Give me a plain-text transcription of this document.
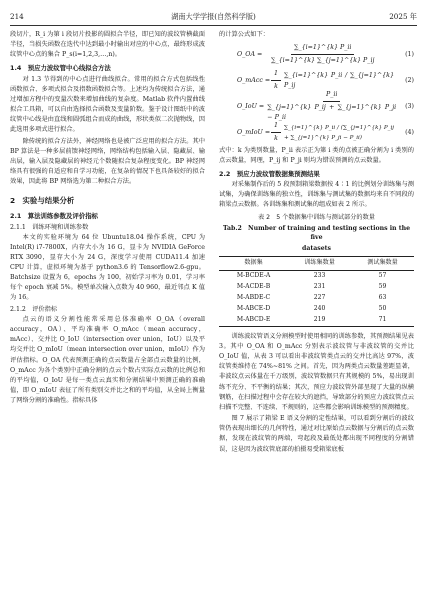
214	湖南大学学报(自然科学版)	2025 年

段切片，R_i 为第 i 段切片投影的圆拟合半径，即已知的波纹管横截面半径，当损失函数在迭代中达到最小时输出对应的中心点，最终形成波纹管中心点的集合 P_s(i=1,2,3,…,n)。

1.4　预应力波纹管中心线拟合方法

对 1.3 节得到的中心点进行曲线拟合。常用的拟合方式包括线性函数拟合、多项式拟合及指数函数拟合等。上述均为传统拟合方法，通过增加方程中的变量次数来增加曲线的复杂度。Matlab 软件内置曲线拟合工具箱，可以自由选择拟合函数及变量阶数。鉴于设计图纸中的波纹管中心线是由直线和圆弧组合而成的曲线，形状类似二次抛物线，因此选用多项式进行拟合。

除传统的拟合方法外，神经网络也是被广泛应用的拟合方法。其中 BP 算法是一种多层前馈神经网络，网络结构包括输入层、隐藏层、输出层，输入层及隐藏层的神经元个数随拟合复杂程度变化。BP 神经网络具有很强的自适应和自学习功能，在复杂的情况下也具备较好的拟合效果，因此将 BP 网络选为第二种拟合方法。

2　实验与结果分析
2.1　算法训练参数及评价指标
2.1.1　训练环境和训练参数

本文的实验环境为 64 位 Ubuntu18.04 操作系统，CPU 为 Intel(R) i7-7800X，内存大小为 16 G，显卡为 NVIDIA GeForce RTX 3090，显存大小为 24 G，深度学习使用 CUDA11.4 加速 CPU 计算，虚拟环境为基于 python3.6 的 Tensorflow2.6-gpu。Batchsize 设置为 6，epochs 为 100，初始学习率为 0.01，学习率每个 epoch 衰减 5%。模型单次输入点数为 40 960，最近邻点 K 值为 16。

2.1.2　评价指标

点云的语义分割性能常采用总体准确率 O_OA（overall accuracy，OA）、平均准确率 O_mAcc（mean accuracy，mAcc）、交并比 O_IoU（intersection over union，IoU）以及平均交并比 O_mIoU（mean intersection over union，mIoU）作为评估指标。O_OA 代表预测正确的点云数量占全部点云数量的比例，O_mAcc 为各个类别中正确分割的点云个数占实际点云数的比例总和的平均值，O_IoU 是每一类点云真实和分割结果中预测正确的准确值，即 O_mIoU 表征了所有类别交并比之和的平均值，从全局上衡量了网络分割的准确性。指标具体

的计算公式如下：

O_OA =	$\frac{\sum\_\{i=1\}\^{}\{k\} P\_ii}{\sum\_\{i=1\}\^{}\{k\} \sum\_\{j=1\}\^{}\{k\} P\_ij}$	(1)
O_mAcc = $\frac{1}{k}$ ∑_{i=1}^{k} P_ii / ∑_{j=1}^{k} P_ij
(2)
O_IoU = $\frac{P\_ii}{\sum\_\{j=1\}\^{}\{k\} P\_ij + \sum\_\{j=1\}\^{}\{k\} P\_ji - P\_ii}$	(3)
O_mIoU = $\frac{1}{k}$ ∑_{i=1}^{k} P_ii / (∑_{j=1}^{k} P_ij + ∑_{j=1}^{k} P_ji − P_ii)
(4)

式中：k 为类别数量，P_ii 表示正为第 i 类的点被正确分割为 i 类别的点云数量，同理，P_ij 和 P_ji 则均为错误预测的点云数量。

2.2　预应力波纹管数据集预测结果

对采集制作后的 5 段预制箱梁数据按 4∶1 的比例划分训练集与测试集，为确保训练集的独立性，训练集与测试集的数据均来自不同段的箱梁点云数据。各训练集和测试集的组成如表 2 所示。

表 2　5 个数据集中训练与测试部分的数量
Tab.2　Number of training and testing sections in the five
datasets
数据集	训练集数量	测试集数量
M-BCDE-A	233	57
M-ACDE-B	231	59
M-ABDE-C	227	63
M-ABCE-D	240	50
M-ABCD-E	219	71

训练波纹管语义分割模型时使用相同的训练参数，其预测结果见表 3。其中 O_OA 和 O_mAcc 分别表示波纹管与非波纹管的交并比 O_IoU 值，从表 3 可以看出非波纹管类点云的交并比高达 97%，波纹管类维持在 74%~81% 之间。首先，因为两类点云数量差距显著，非波纹点云体量在千万级别，波纹管数据只有其规模的 5%，易出现训练不充分、不平衡的结果；其次，预应力波纹管外部呈现了大量的纵横钢筋，在扫描过程中会存在较大的遮挡，导致部分的预应力波纹管点云扫描不完整、不连续、不规则的，这些都会影响训练模型的预测精度。

图 7 展示了箱梁 E 语义分割的定性结果，可以看到分割后的波纹管仍表现出细长的几何特性，通过对比原始点云数据与分割后的点云数据，发现在波纹管的两端，弯起段及最低处都出现不同程度的分割错误，这是因为波纹管底部的拍摄易受箱梁底板
